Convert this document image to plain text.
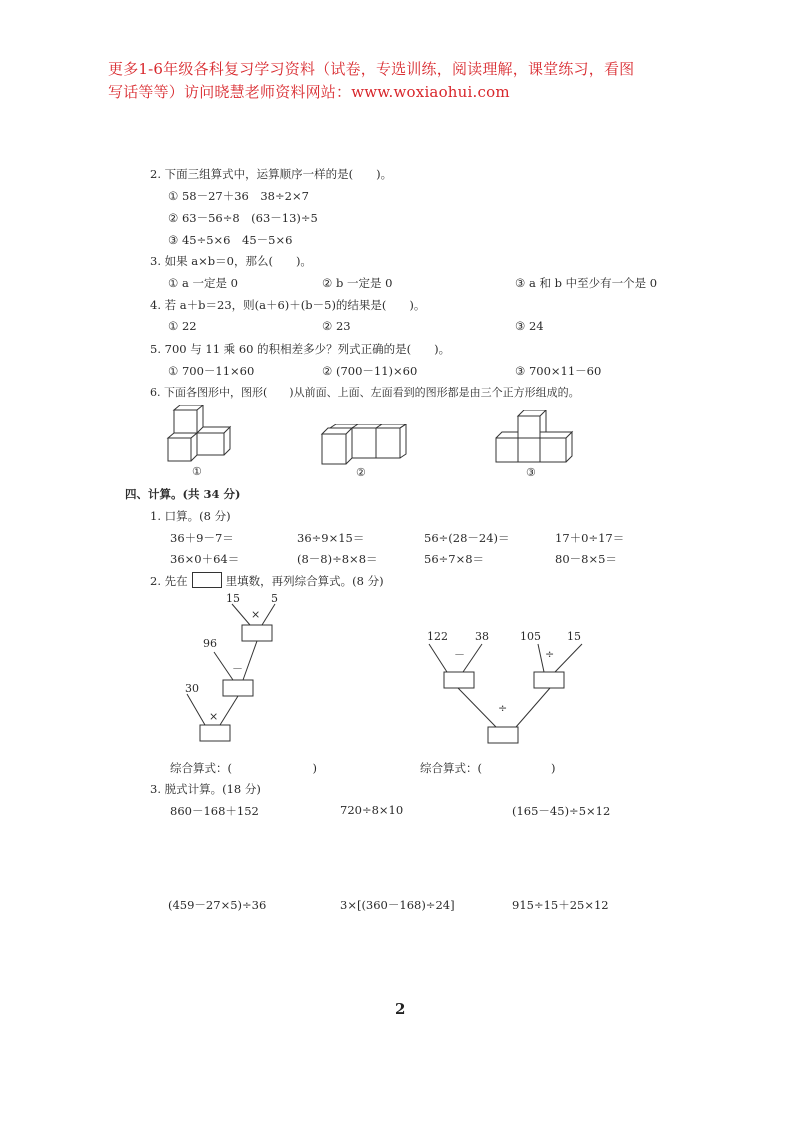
更多1-6年级各科复习学习资料（试卷，专选训练，阅读理解，课堂练习，看图
写话等等）访问晓慧老师资料网站：www.woxiaohui.com
2. 下面三组算式中，运算顺序一样的是(　　)。
① 58－27＋36　38÷2×7
② 63－56÷8　(63－13)÷5
③ 45÷5×6　45－5×6
3. 如果 a×b＝0，那么(　　)。
① a 一定是 0	② b 一定是 0	③ a 和 b 中至少有一个是 0
4. 若 a＋b＝23，则(a＋6)＋(b－5)的结果是(　　)。
① 22	② 23	③ 24
5. 700 与 11 乘 60 的积相差多少？列式正确的是(　　)。
① 700－11×60	② (700－11)×60	③ 700×11－60
6. 下面各图形中，图形(　　)从前面、上面、左面看到的图形都是由三个正方形组成的。
①	②	③
四、计算。(共 34 分)
1. 口算。(8 分)
36＋9－7＝	36÷9×15＝	56÷(28－24)＝	17＋0÷17＝
36×0＋64＝	(8－8)÷8×8＝	56÷7×8＝	80－8×5＝
2. 先在	里填数，再列综合算式。(8 分)
15	5
×
96
－
30
×
122 38
－
105 15
÷
÷
综合算式：(　　　　　　　)	综合算式：(　　　　　　)
3. 脱式计算。(18 分)
860－168＋152	720÷8×10	(165－45)÷5×12
(459－27×5)÷36	3×[(360－168)÷24]	915÷15＋25×12
2
